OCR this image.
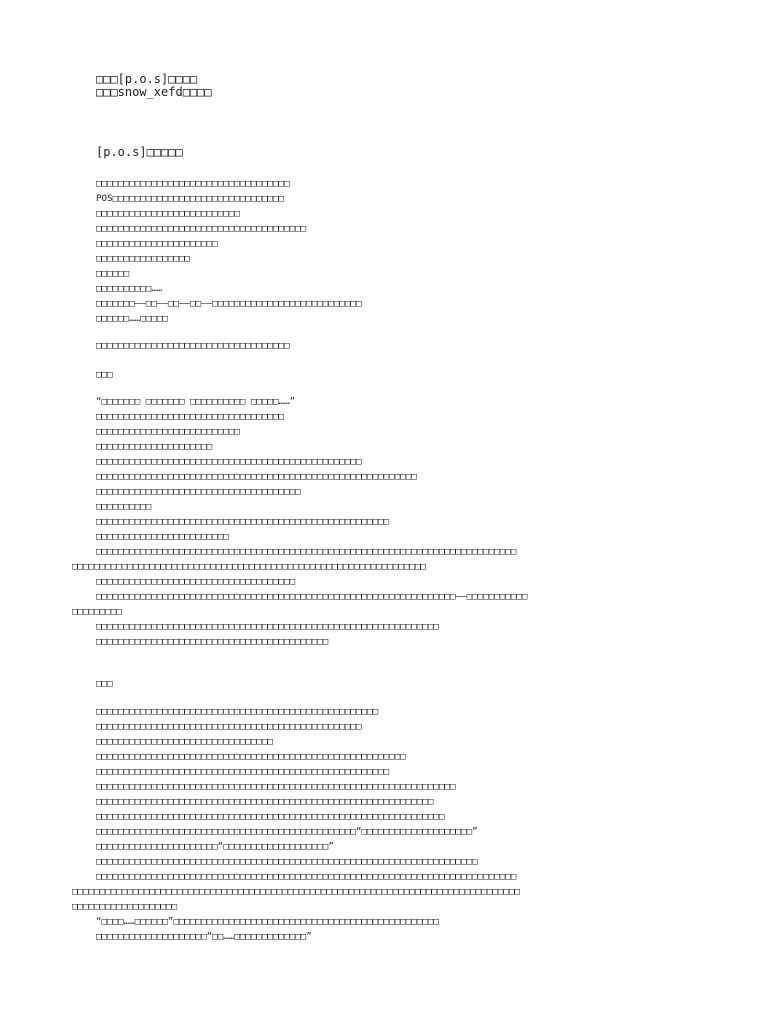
□□□[p.o.s]□□□□
□□□snow_xefd□□□□
[p.o.s]□□□□□
□□□□□□□□□□□□□□□□□□□□□□□□□□□□□□□□□□□
POS□□□□□□□□□□□□□□□□□□□□□□□□□□□□□□□
□□□□□□□□□□□□□□□□□□□□□□□□□□
□□□□□□□□□□□□□□□□□□□□□□□□□□□□□□□□□□□□□□
□□□□□□□□□□□□□□□□□□□□□□
□□□□□□□□□□□□□□□□□
□□□□□□
□□□□□□□□□□……
□□□□□□□——□□——□□——□□——□□□□□□□□□□□□□□□□□□□□□□□□□□□
□□□□□□……□□□□□
□□□□□□□□□□□□□□□□□□□□□□□□□□□□□□□□□□□
□□□
“□□□□□□□ □□□□□□□ □□□□□□□□□□ □□□□□……”
□□□□□□□□□□□□□□□□□□□□□□□□□□□□□□□□□□
□□□□□□□□□□□□□□□□□□□□□□□□□□
□□□□□□□□□□□□□□□□□□□□□
□□□□□□□□□□□□□□□□□□□□□□□□□□□□□□□□□□□□□□□□□□□□□□□□
□□□□□□□□□□□□□□□□□□□□□□□□□□□□□□□□□□□□□□□□□□□□□□□□□□□□□□□□□□
□□□□□□□□□□□□□□□□□□□□□□□□□□□□□□□□□□□□□
□□□□□□□□□□
□□□□□□□□□□□□□□□□□□□□□□□□□□□□□□□□□□□□□□□□□□□□□□□□□□□□□
□□□□□□□□□□□□□□□□□□□□□□□□
□□□□□□□□□□□□□□□□□□□□□□□□□□□□□□□□□□□□□□□□□□□□□□□□□□□□□□□□□□□□□□□□□□□□□□□□□□□□
□□□□□□□□□□□□□□□□□□□□□□□□□□□□□□□□□□□□□□□□□□□□□□□□□□□□□□□□□□□□□□□□
□□□□□□□□□□□□□□□□□□□□□□□□□□□□□□□□□□□□
□□□□□□□□□□□□□□□□□□□□□□□□□□□□□□□□□□□□□□□□□□□□□□□□□□□□□□□□□□□□□□□□□——□□□□□□□□□□□
□□□□□□□□□
□□□□□□□□□□□□□□□□□□□□□□□□□□□□□□□□□□□□□□□□□□□□□□□□□□□□□□□□□□□□□□
□□□□□□□□□□□□□□□□□□□□□□□□□□□□□□□□□□□□□□□□□□
□□□
□□□□□□□□□□□□□□□□□□□□□□□□□□□□□□□□□□□□□□□□□□□□□□□□□□□
□□□□□□□□□□□□□□□□□□□□□□□□□□□□□□□□□□□□□□□□□□□□□□□□
□□□□□□□□□□□□□□□□□□□□□□□□□□□□□□□□
□□□□□□□□□□□□□□□□□□□□□□□□□□□□□□□□□□□□□□□□□□□□□□□□□□□□□□□□
□□□□□□□□□□□□□□□□□□□□□□□□□□□□□□□□□□□□□□□□□□□□□□□□□□□□□
□□□□□□□□□□□□□□□□□□□□□□□□□□□□□□□□□□□□□□□□□□□□□□□□□□□□□□□□□□□□□□□□□
□□□□□□□□□□□□□□□□□□□□□□□□□□□□□□□□□□□□□□□□□□□□□□□□□□□□□□□□□□□□□
□□□□□□□□□□□□□□□□□□□□□□□□□□□□□□□□□□□□□□□□□□□□□□□□□□□□□□□□□□□□□□□
□□□□□□□□□□□□□□□□□□□□□□□□□□□□□□□□□□□□□□□□□□□□□□□“□□□□□□□□□□□□□□□□□□□□”
□□□□□□□□□□□□□□□□□□□□□□“□□□□□□□□□□□□□□□□□□□”
□□□□□□□□□□□□□□□□□□□□□□□□□□□□□□□□□□□□□□□□□□□□□□□□□□□□□□□□□□□□□□□□□□□□□
□□□□□□□□□□□□□□□□□□□□□□□□□□□□□□□□□□□□□□□□□□□□□□□□□□□□□□□□□□□□□□□□□□□□□□□□□□□□
□□□□□□□□□□□□□□□□□□□□□□□□□□□□□□□□□□□□□□□□□□□□□□□□□□□□□□□□□□□□□□□□□□□□□□□□□□□□□□□□□
□□□□□□□□□□□□□□□□□□□
“□□□□……□□□□□□”□□□□□□□□□□□□□□□□□□□□□□□□□□□□□□□□□□□□□□□□□□□□□□□□
□□□□□□□□□□□□□□□□□□□□“□□……□□□□□□□□□□□□□”
